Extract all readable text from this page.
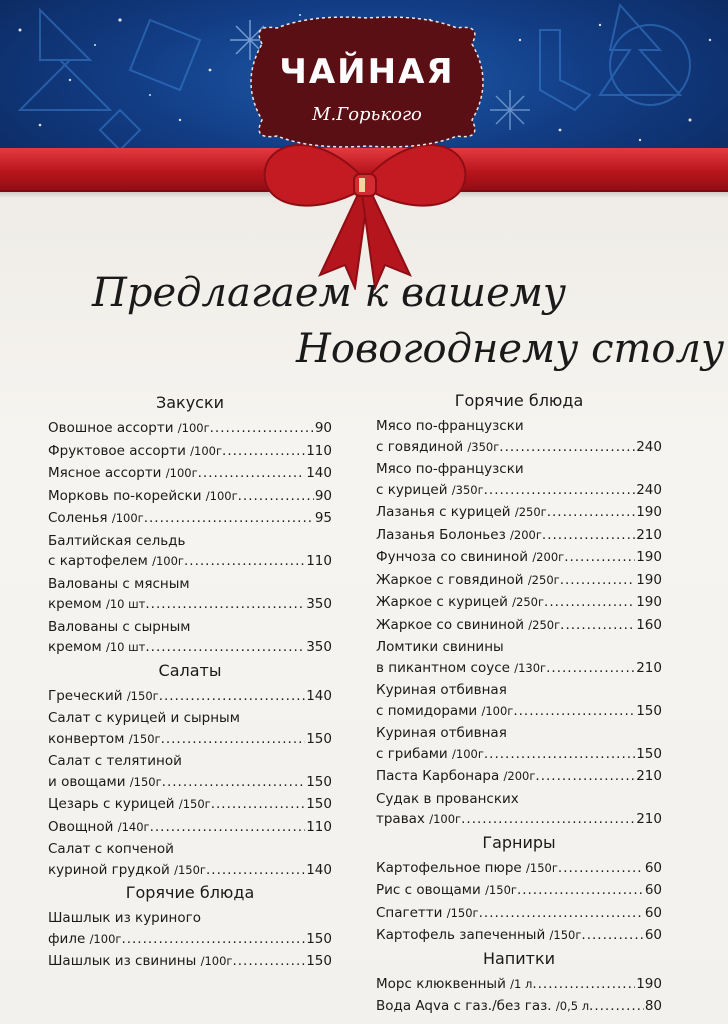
ЧАЙНАЯ
М.Горького
Предлагаем к вашему
Новогоднему столу
Закуски
Овошное ассорти
/100г .....	90
Фруктовое ассорти
/100г .....	110
Мясное ассорти
/100г .....	140
Морковь по-корейски
/100г .....	90
Соленья
/100г .....	95
Балтийская сельдь
с картофелем
/100г .....	110
Валованы с мясным
кремом
/10 шт .....	350
Валованы с сырным
кремом
/10 шт .....	350
Салаты
Греческий
/150г .....	140
Салат с курицей и сырным
конвертом
/150г .....	150
Салат с телятиной
и овощами
/150г .....	150
Цезарь с курицей
/150г .....	150
Овощной
/140г .....	110
Салат с копченой
куриной грудкой
/150г .....	140
Горячие блюда
Шашлык из куриного
филе
/100г .....	150
Шашлык из свинины
/100г .....	150
Горячие блюда
Мясо по-французски
с говядиной
/350г .....	240
Мясо по-французски
с курицей
/350г .....	240
Лазанья с курицей
/250г .....	190
Лазанья Болоньез
/200г .....	210
Фунчоза со свининой
/200г .....	190
Жаркое с говядиной
/250г .....	190
Жаркое с курицей
/250г .....	190
Жаркое со свининой
/250г .....	160
Ломтики свинины
в пикантном соусе
/130г .....	210
Куриная отбивная
с помидорами
/100г .....	150
Куриная отбивная
с грибами
/100г .....	150
Паста Карбонара
/200г .....	210
Судак в прованских
травах
/100г .....	210
Гарниры
Картофельное пюре
/150г .....	60
Рис с овощами
/150г .....	60
Спагетти
/150г .....	60
Картофель запеченный
/150г .....	60
Напитки
Морс клюквенный
/1 л .....	190
Вода Aqva с газ./без газ.
/0,5 л .....	80
